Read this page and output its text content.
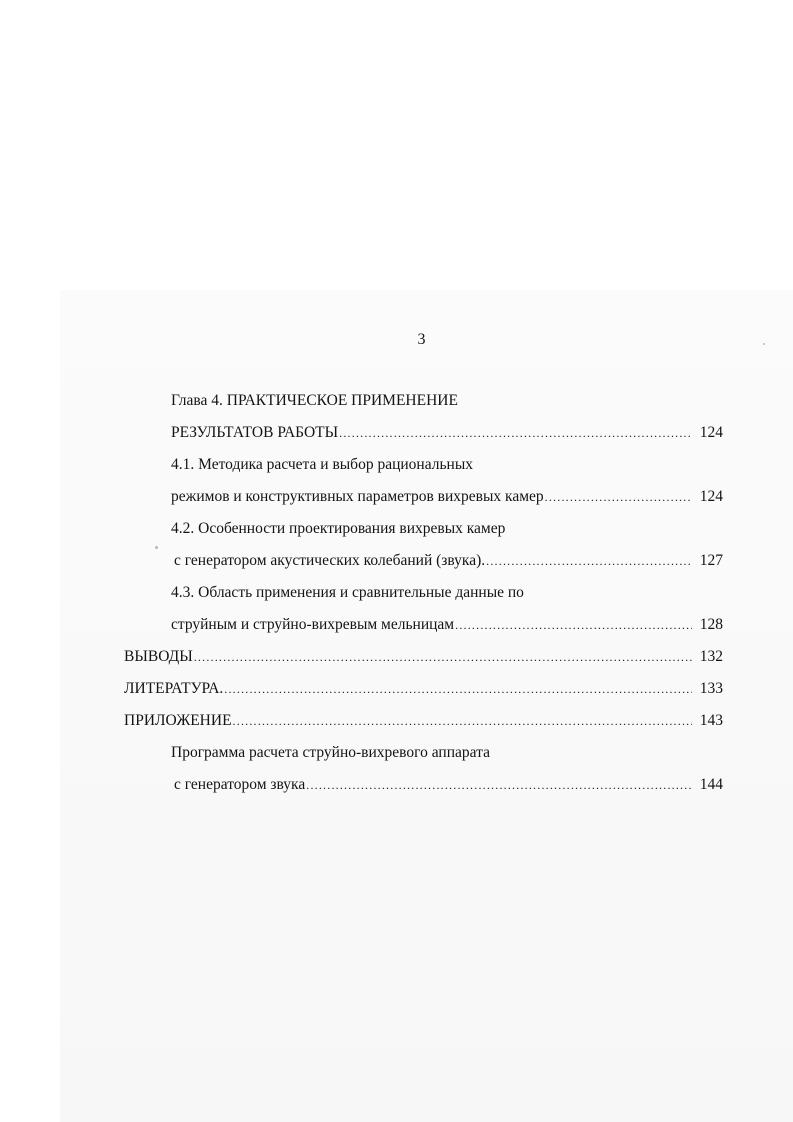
3
Глава 4. ПРАКТИЧЕСКОЕ ПРИМЕНЕНИЕ
РЕЗУЛЬТАТОВ РАБОТЫ .....	124
4.1. Методика расчета и выбор рациональных
режимов и конструктивных параметров вихревых камер .....	124
4.2. Особенности проектирования вихревых камер
с генератором акустических колебаний (звука). .....	127
4.3. Область применения и сравнительные данные по
струйным и струйно-вихревым мельницам .....	128
ВЫВОДЫ .....	132
ЛИТЕРАТУРА. .....	133
ПРИЛОЖЕНИЕ .....	143
Программа расчета струйно-вихревого аппарата
с генератором звука .....	144
